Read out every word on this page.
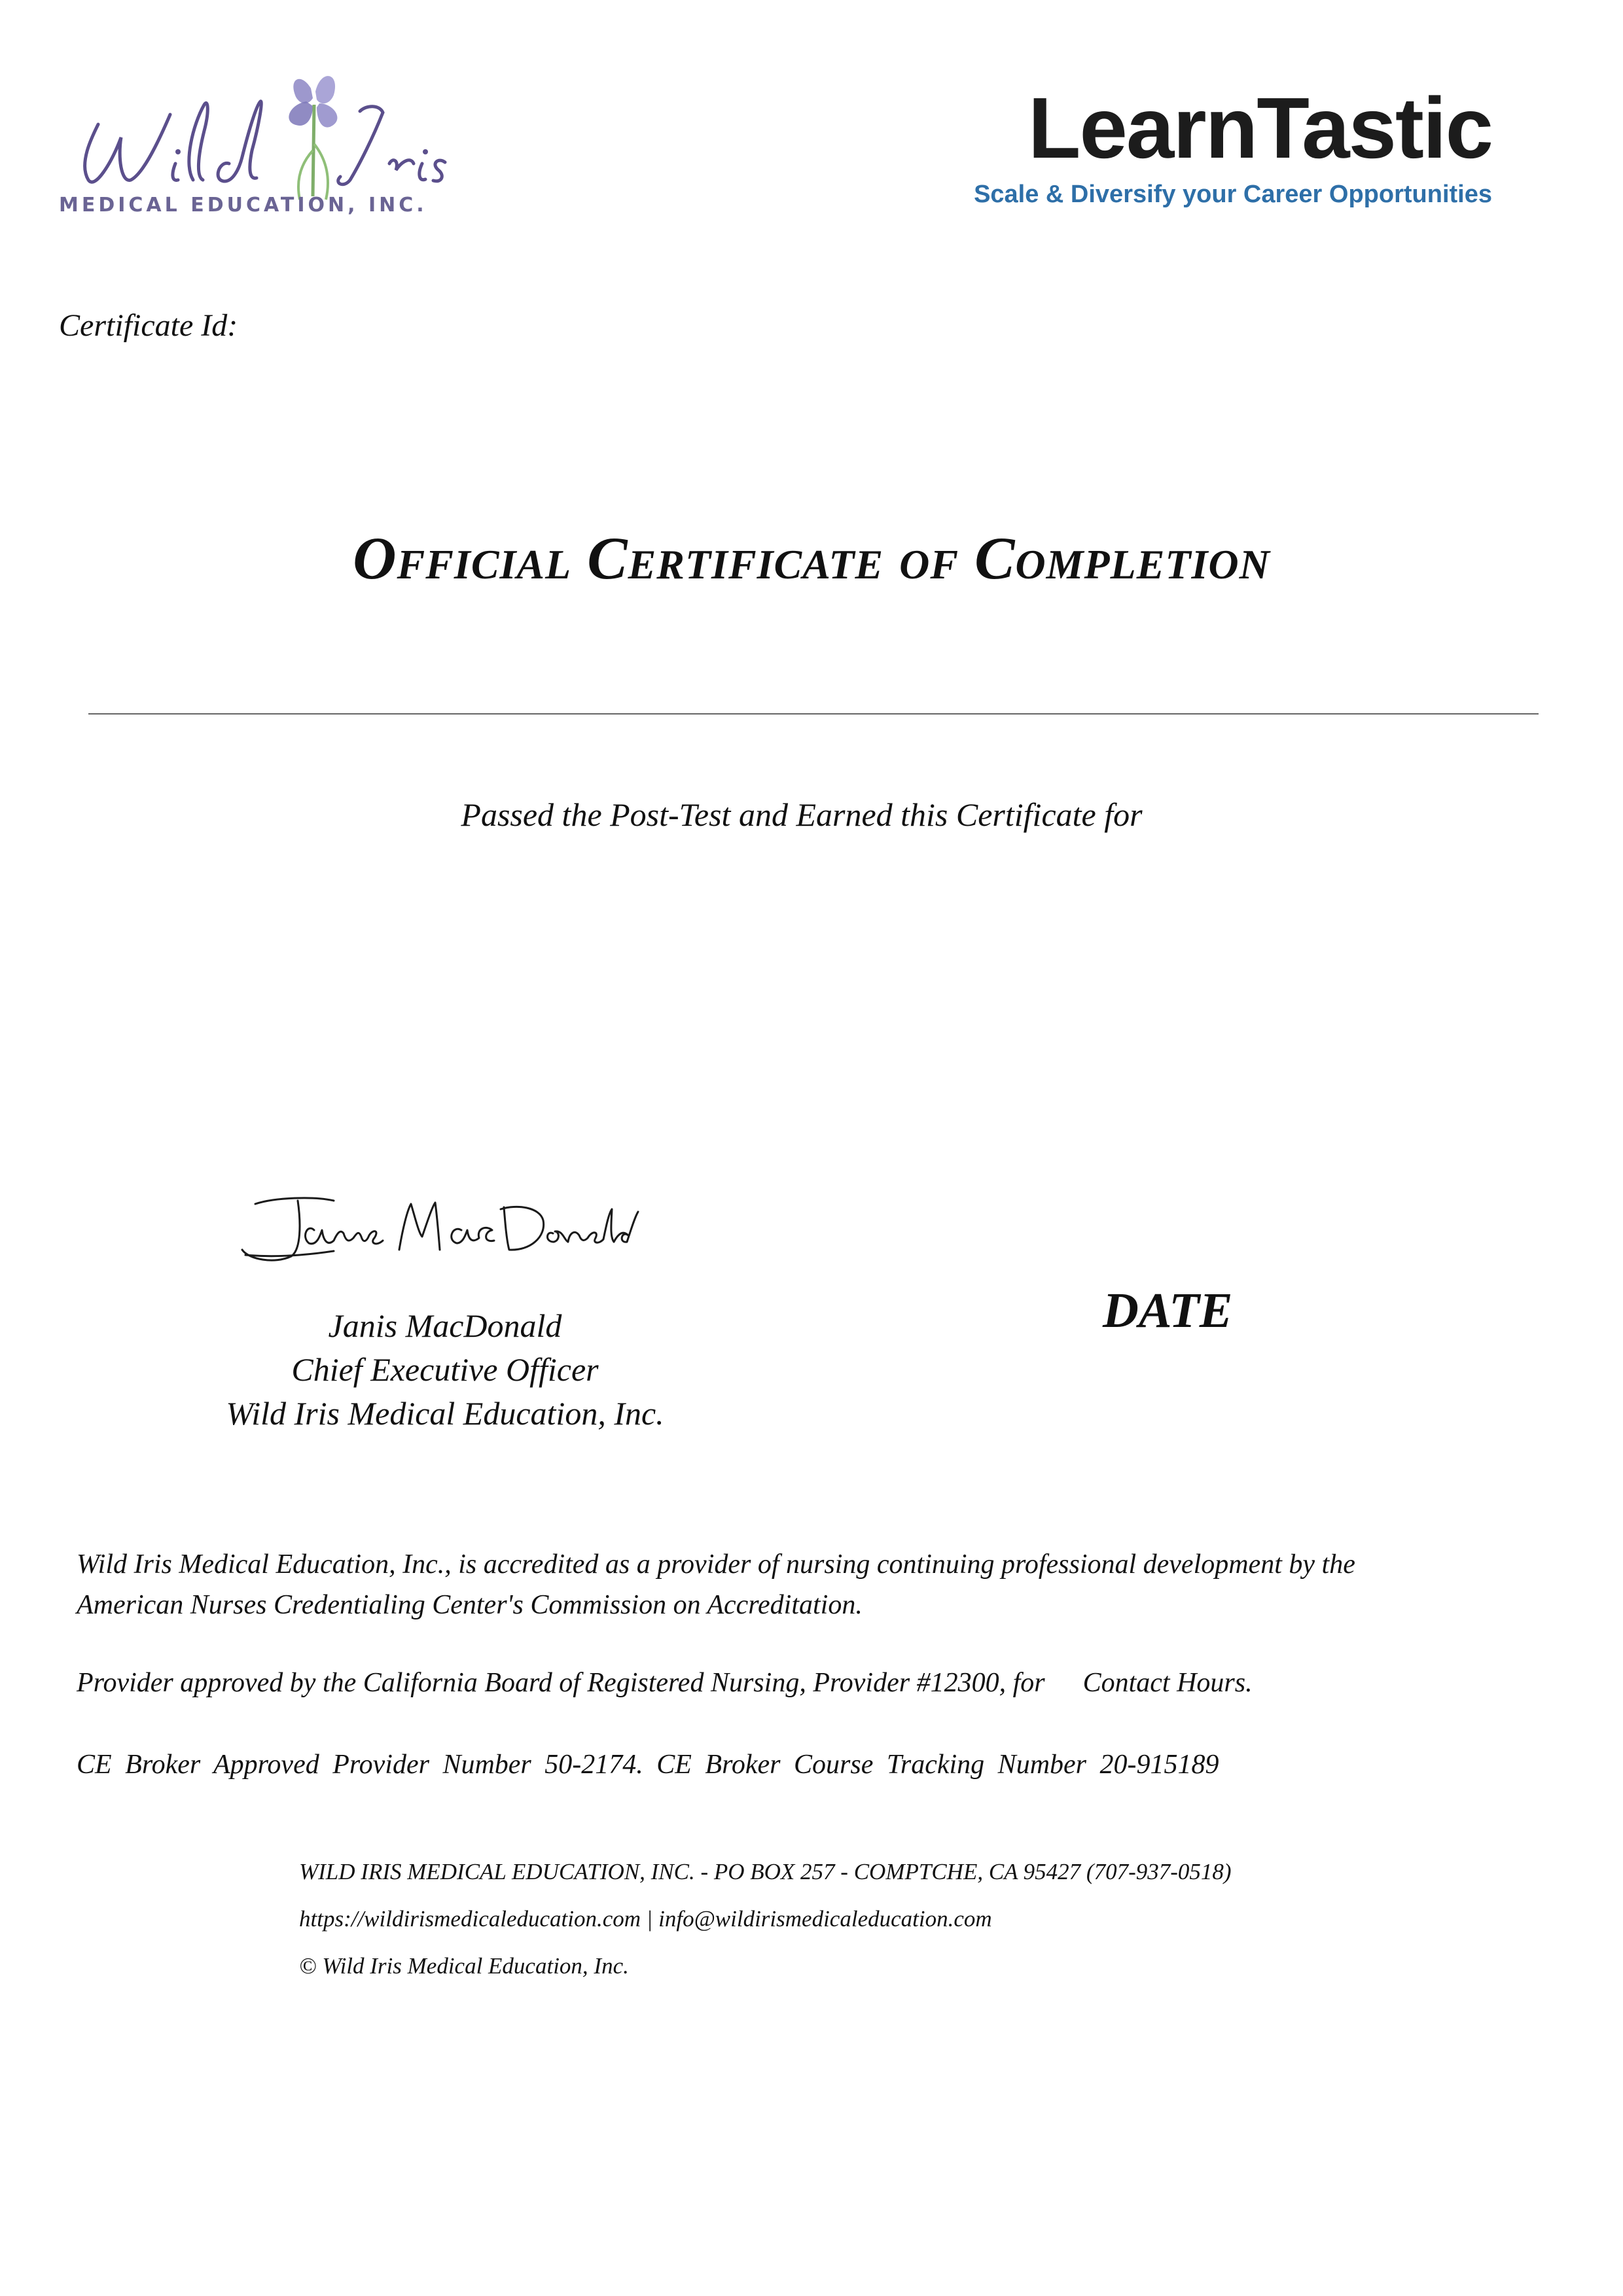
MEDICAL EDUCATION, INC.
LearnTastic
Scale & Diversify your Career Opportunities
Certificate Id:
Official Certificate of Completion
Passed the Post-Test and Earned this Certificate for
Janis MacDonald
Chief Executive Officer
Wild Iris Medical Education, Inc.
DATE
Wild Iris Medical Education, Inc., is accredited as a provider of nursing continuing professional development by the
American Nurses Credentialing Center's Commission on Accreditation.
Provider approved by the California Board of Registered Nursing, Provider #12300, for Contact Hours.
CE Broker Approved Provider Number 50-2174. CE Broker Course Tracking Number 20-915189
WILD IRIS MEDICAL EDUCATION, INC. - PO BOX 257 - COMPTCHE, CA 95427 (707-937-0518)
https://wildirismedicaleducation.com | info@wildirismedicaleducation.com
© Wild Iris Medical Education, Inc.
